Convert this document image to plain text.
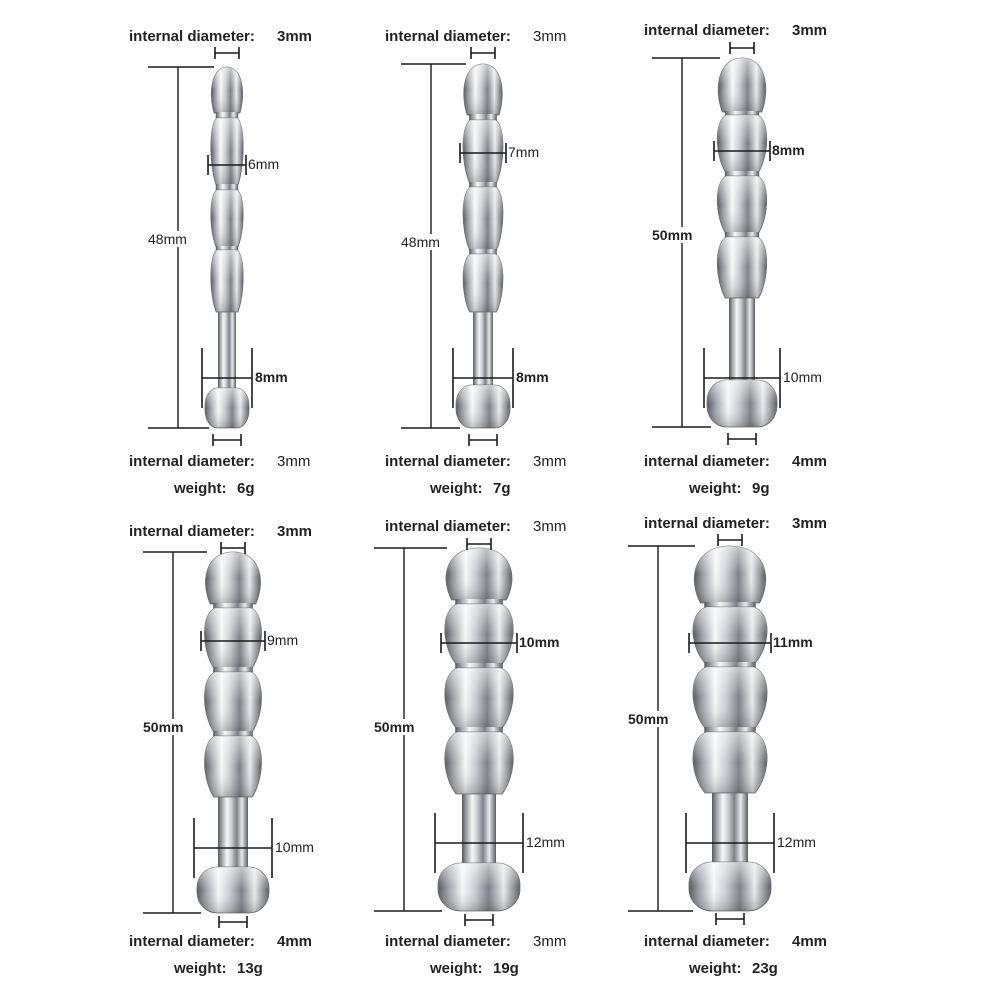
internal diameter: 3mm
6mm
8mm
48mm
internal diameter: 3mm
weight: 6g
internal diameter: 3mm
7mm
8mm
48mm
internal diameter: 3mm
weight: 7g
internal diameter: 3mm
8mm
10mm
50mm
internal diameter: 4mm
weight: 9g
internal diameter: 3mm
9mm
10mm
50mm
internal diameter: 4mm
weight: 13g
internal diameter: 3mm
10mm
12mm
50mm
internal diameter: 3mm
weight: 19g
internal diameter: 3mm
11mm
12mm
50mm
internal diameter: 4mm
weight: 23g
